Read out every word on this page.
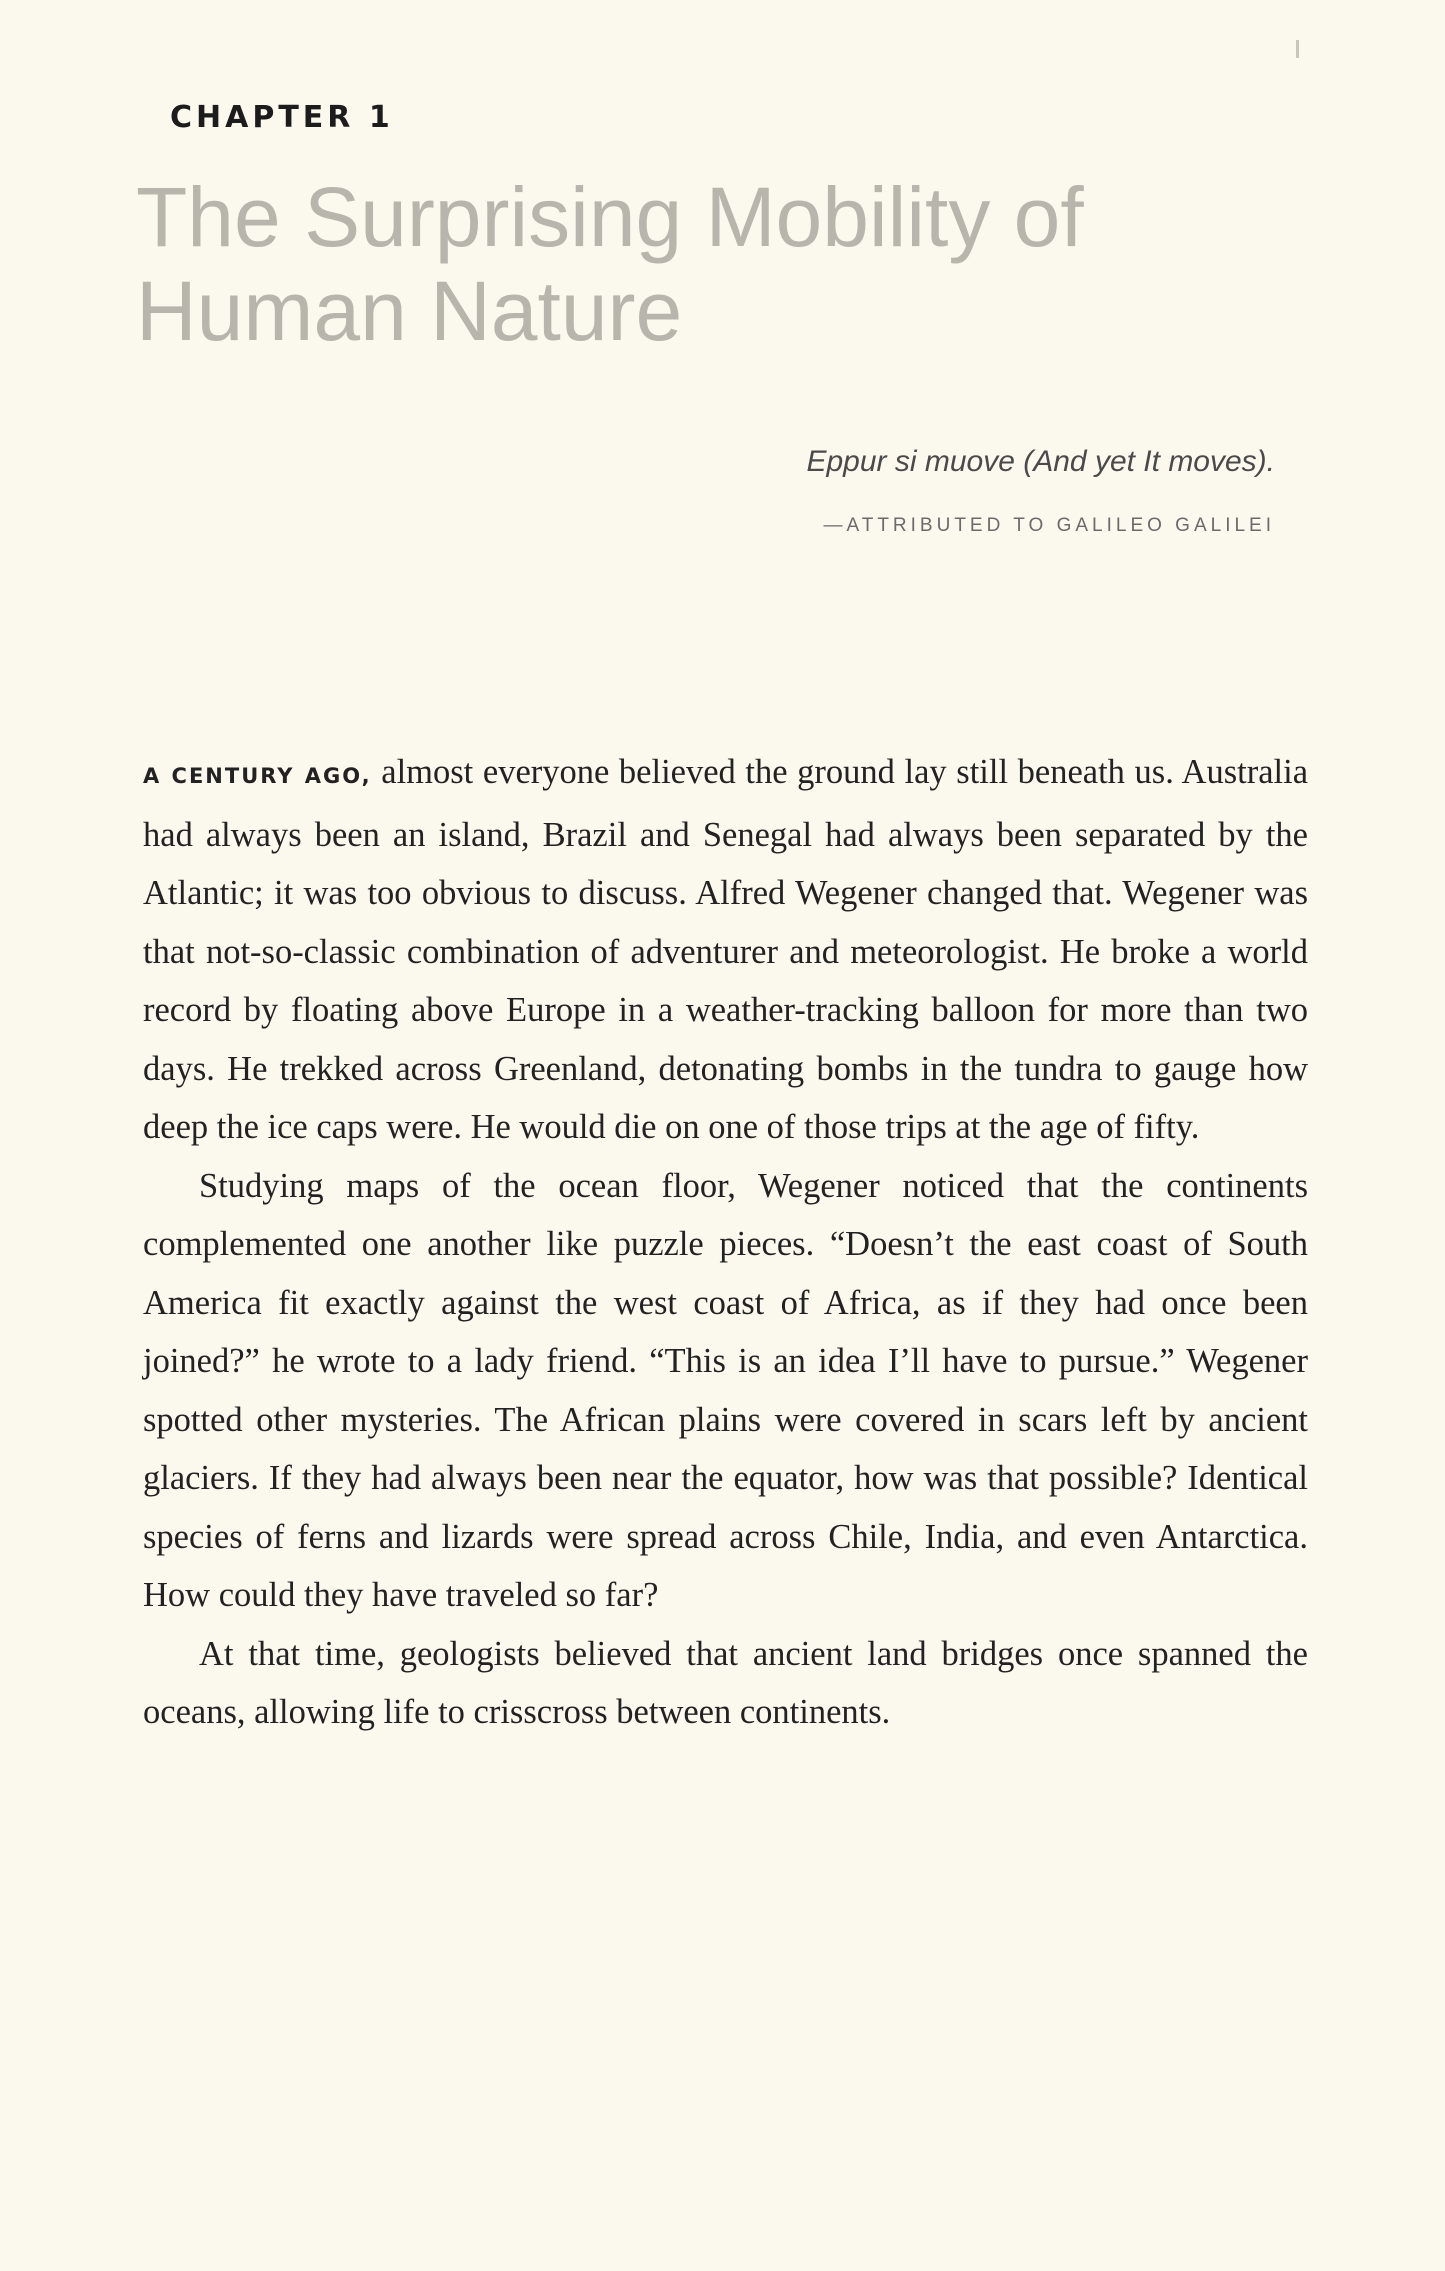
CHAPTER 1
The Surprising Mobility of Human Nature

Eppur si muove (And yet It moves).

—ATTRIBUTED TO GALILEO GALILEI

A CENTURY AGO, almost everyone believed the ground lay still beneath us. Australia had always been an island, Brazil and Senegal had always been separated by the Atlantic; it was too obvious to discuss. Alfred Wegener changed that. Wegener was that not-so-classic combination of adventurer and meteorologist. He broke a world record by floating above Europe in a weather-tracking balloon for more than two days. He trekked across Greenland, detonating bombs in the tundra to gauge how deep the ice caps were. He would die on one of those trips at the age of fifty.

Studying maps of the ocean floor, Wegener noticed that the continents complemented one another like puzzle pieces. “Doesn’t the east coast of South America fit exactly against the west coast of Africa, as if they had once been joined?” he wrote to a lady friend. “This is an idea I’ll have to pursue.” Wegener spotted other mysteries. The African plains were covered in scars left by ancient glaciers. If they had always been near the equator, how was that possible? Identical species of ferns and lizards were spread across Chile, India, and even Antarctica. How could they have traveled so far?

At that time, geologists believed that ancient land bridges once spanned the oceans, allowing life to crisscross between continents.
